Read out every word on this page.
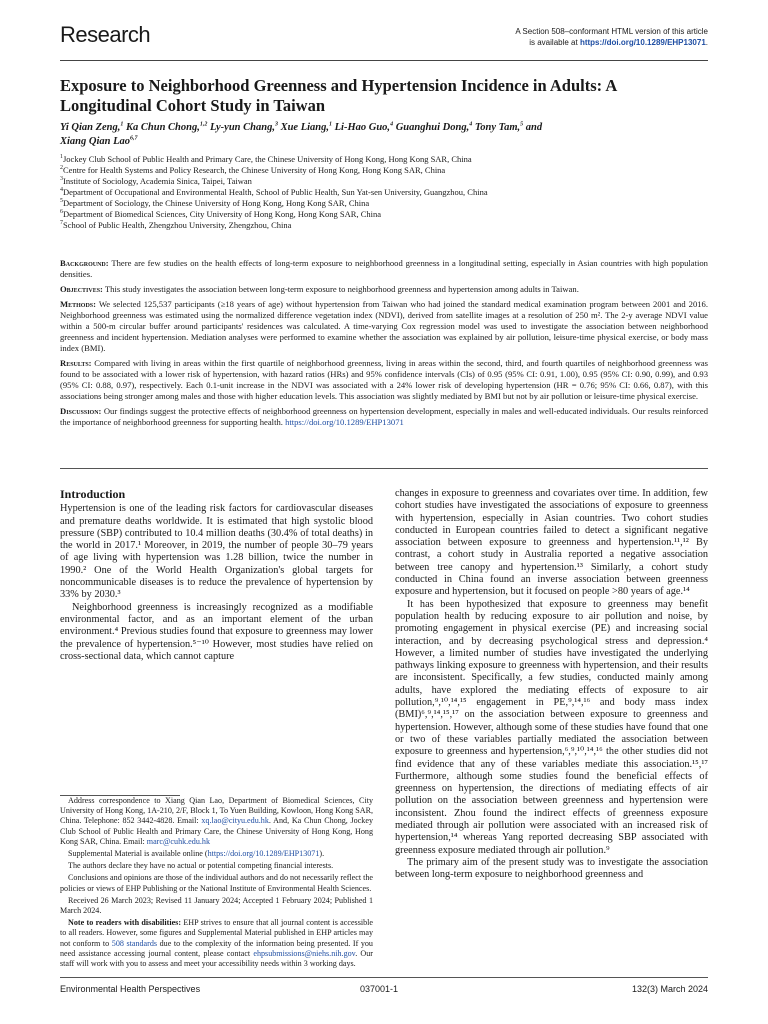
Research	A Section 508–conformant HTML version of this article
is available at https://doi.org/10.1289/EHP13071.
Exposure to Neighborhood Greenness and Hypertension Incidence in Adults: A Longitudinal Cohort Study in Taiwan
Yi Qian Zeng,$^1$ Ka Chun Chong,$^{1,2}$ Ly-yun Chang,$^3$ Xue Liang,$^1$ Li-Hao Guo,$^4$ Guanghui Dong,$^4$ Tony Tam,$^5$ and
Xiang Qian Lao$^{6,7}$
$^1$Jockey Club School of Public Health and Primary Care, the Chinese University of Hong Kong, Hong Kong SAR, China
$^2$Centre for Health Systems and Policy Research, the Chinese University of Hong Kong, Hong Kong SAR, China
$^3$Institute of Sociology, Academia Sinica, Taipei, Taiwan
$^4$Department of Occupational and Environmental Health, School of Public Health, Sun Yat-sen University, Guangzhou, China
$^5$Department of Sociology, the Chinese University of Hong Kong, Hong Kong SAR, China
$^6$Department of Biomedical Sciences, City University of Hong Kong, Hong Kong SAR, China
$^7$School of Public Health, Zhengzhou University, Zhengzhou, China

Background: There are few studies on the health effects of long-term exposure to neighborhood greenness in a longitudinal setting, especially in Asian countries with high population densities.

Objectives: This study investigates the association between long-term exposure to neighborhood greenness and hypertension among adults in Taiwan.

Methods: We selected 125,537 participants (≥18 years of age) without hypertension from Taiwan who had joined the standard medical examination program between 2001 and 2016. Neighborhood greenness was estimated using the normalized difference vegetation index (NDVI), derived from satellite images at a resolution of 250 m². The 2-y average NDVI value within a 500-m circular buffer around participants' residences was calculated. A time-varying Cox regression model was used to investigate the association between neighborhood greenness and incident hypertension. Mediation analyses were performed to examine whether the association was explained by air pollution, leisure-time physical exercise, or body mass index (BMI).

Results: Compared with living in areas within the first quartile of neighborhood greenness, living in areas within the second, third, and fourth quartiles of neighborhood greenness was found to be associated with a lower risk of hypertension, with hazard ratios (HRs) and 95% confidence intervals (CIs) of 0.95 (95% CI: 0.91, 1.00), 0.95 (95% CI: 0.90, 0.99), and 0.93 (95% CI: 0.88, 0.97), respectively. Each 0.1-unit increase in the NDVI was associated with a 24% lower risk of developing hypertension (HR = 0.76; 95% CI: 0.66, 0.87), with this associations being stronger among males and those with higher education levels. This association was slightly mediated by BMI but not by air pollution or leisure-time physical exercise.

Discussion: Our findings suggest the protective effects of neighborhood greenness on hypertension development, especially in males and well-educated individuals. Our results reinforced the importance of neighborhood greenness for supporting health. https://doi.org/10.1289/EHP13071

Introduction

Hypertension is one of the leading risk factors for cardiovascular diseases and premature deaths worldwide. It is estimated that high systolic blood pressure (SBP) contributed to 10.4 million deaths (30.4% of total deaths) in the world in 2017.¹ Moreover, in 2019, the number of people 30–79 years of age living with hypertension was 1.28 billion, twice the number in 1990.² One of the World Health Organization's global targets for noncommunicable diseases is to reduce the prevalence of hypertension by 33% by 2030.³

Neighborhood greenness is increasingly recognized as a modifiable environmental factor, and as an important element of the urban environment.⁴ Previous studies found that exposure to greenness may lower the prevalence of hypertension.⁵⁻¹⁰ However, most studies have relied on cross-sectional data, which cannot capture

Address correspondence to Xiang Qian Lao, Department of Biomedical Sciences, City University of Hong Kong, 1A-210, 2/F, Block 1, To Yuen Building, Kowloon, Hong Kong SAR, China. Telephone: 852 3442-4828. Email: xq.lao@cityu.edu.hk. And, Ka Chun Chong, Jockey Club School of Public Health and Primary Care, the Chinese University of Hong Kong, Hong Kong SAR, China. Email: marc@cuhk.edu.hk

Supplemental Material is available online (https://doi.org/10.1289/EHP13071).

The authors declare they have no actual or potential competing financial interests.

Conclusions and opinions are those of the individual authors and do not necessarily reflect the policies or views of EHP Publishing or the National Institute of Environmental Health Sciences.

Received 26 March 2023; Revised 11 January 2024; Accepted 1 February 2024; Published 1 March 2024.

Note to readers with disabilities: EHP strives to ensure that all journal content is accessible to all readers. However, some figures and Supplemental Material published in EHP articles may not conform to 508 standards due to the complexity of the information being presented. If you need assistance accessing journal content, please contact ehpsubmissions@niehs.nih.gov. Our staff will work with you to assess and meet your accessibility needs within 3 working days.

changes in exposure to greenness and covariates over time. In addition, few cohort studies have investigated the associations of exposure to greenness with hypertension, especially in Asian countries. Two cohort studies conducted in European countries failed to detect a significant negative association between exposure to greenness and hypertension.¹¹,¹² By contrast, a cohort study in Australia reported a negative association between tree canopy and hypertension.¹³ Similarly, a cohort study conducted in China found an inverse association between greenness exposure and hypertension, but it focused on people >80 years of age.¹⁴

It has been hypothesized that exposure to greenness may benefit population health by reducing exposure to air pollution and noise, by promoting engagement in physical exercise (PE) and increasing social interaction, and by decreasing psychological stress and depression.⁴ However, a limited number of studies have investigated the underlying pathways linking exposure to greenness with hypertension, and their results are inconsistent. Specifically, a few studies, conducted mainly among adults, have explored the mediating effects of exposure to air pollution,⁹,¹⁰,¹⁴,¹⁵ engagement in PE,⁹,¹⁴,¹⁶ and body mass index (BMI)⁶,⁹,¹⁴,¹⁵,¹⁷ on the association between exposure to greenness and hypertension. However, although some of these studies have found that one or two of these variables partially mediated the association between exposure to greenness and hypertension,⁶,⁹,¹⁰,¹⁴,¹⁶ the other studies did not find evidence that any of these variables mediate this association.¹⁵,¹⁷ Furthermore, although some studies found the beneficial effects of greenness on hypertension, the directions of mediating effects of air pollution on the association between greenness and hypertension were inconsistent. Zhou found the indirect effects of greenness exposure mediated through air pollution were associated with an increased risk of hypertension,¹⁴ whereas Yang reported decreasing SBP associated with greenness exposure mediated through air pollution.⁹

The primary aim of the present study was to investigate the association between long-term exposure to neighborhood greenness and

Environmental Health Perspectives	037001-1	132(3) March 2024
